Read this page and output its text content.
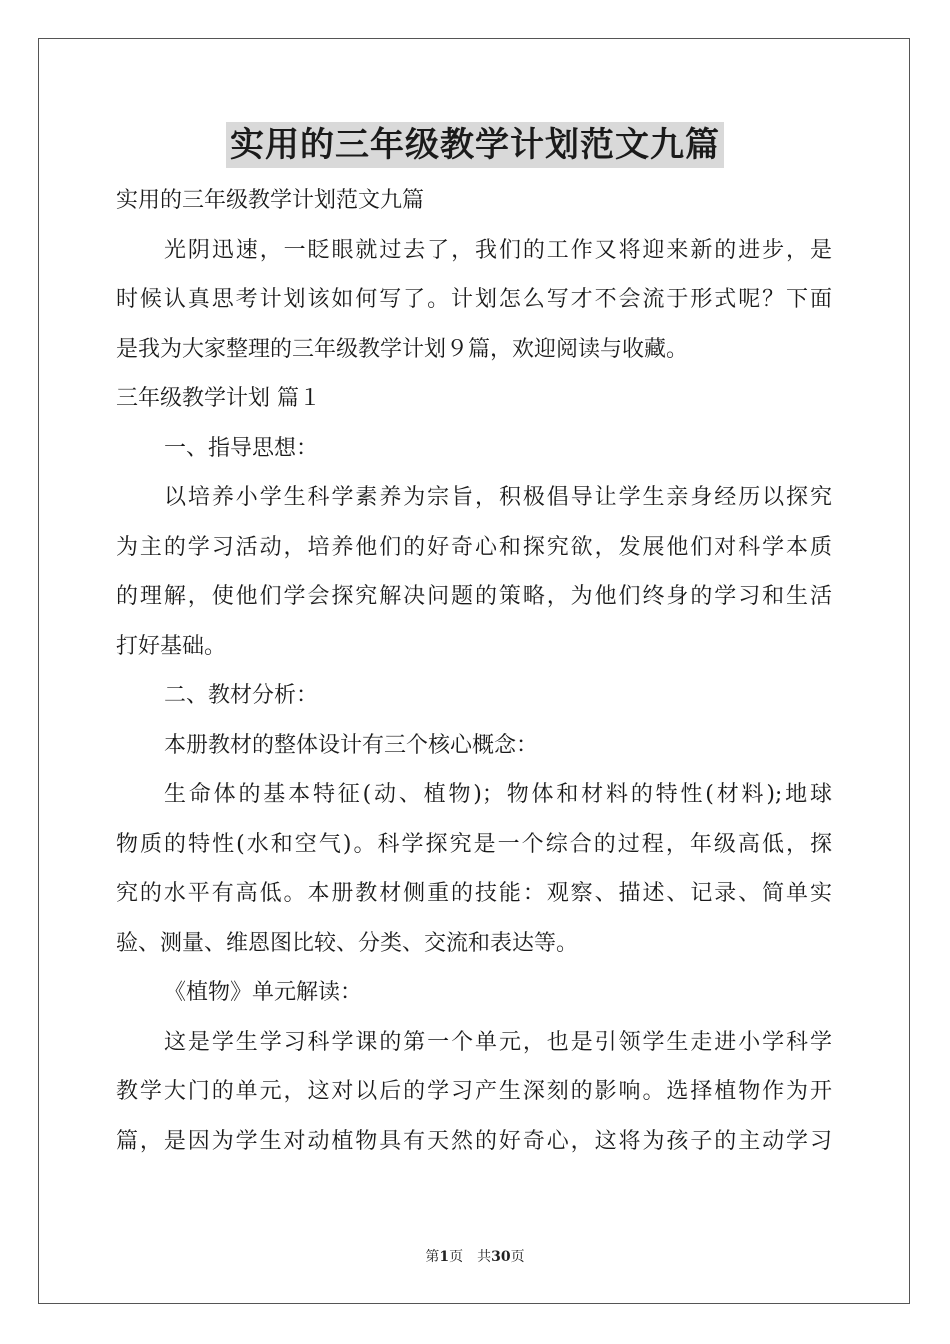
实用的三年级教学计划范文九篇
实用的三年级教学计划范文九篇
光阴迅速，一眨眼就过去了，我们的工作又将迎来新的进步，是
时候认真思考计划该如何写了。计划怎么写才不会流于形式呢？下面
是我为大家整理的三年级教学计划９篇，欢迎阅读与收藏。
三年级教学计划 篇１
一、指导思想：
以培养小学生科学素养为宗旨，积极倡导让学生亲身经历以探究
为主的学习活动，培养他们的好奇心和探究欲，发展他们对科学本质
的理解，使他们学会探究解决问题的策略，为他们终身的学习和生活
打好基础。
二、教材分析：
本册教材的整体设计有三个核心概念：
生命体的基本特征(动、植物)；物体和材料的特性(材料);地球
物质的特性(水和空气)。科学探究是一个综合的过程，年级高低，探
究的水平有高低。本册教材侧重的技能：观察、描述、记录、简单实
验、测量、维恩图比较、分类、交流和表达等。
《植物》单元解读：
这是学生学习科学课的第一个单元，也是引领学生走进小学科学
教学大门的单元，这对以后的学习产生深刻的影响。选择植物作为开
篇，是因为学生对动植物具有天然的好奇心，这将为孩子的主动学习
第1页　共30页
